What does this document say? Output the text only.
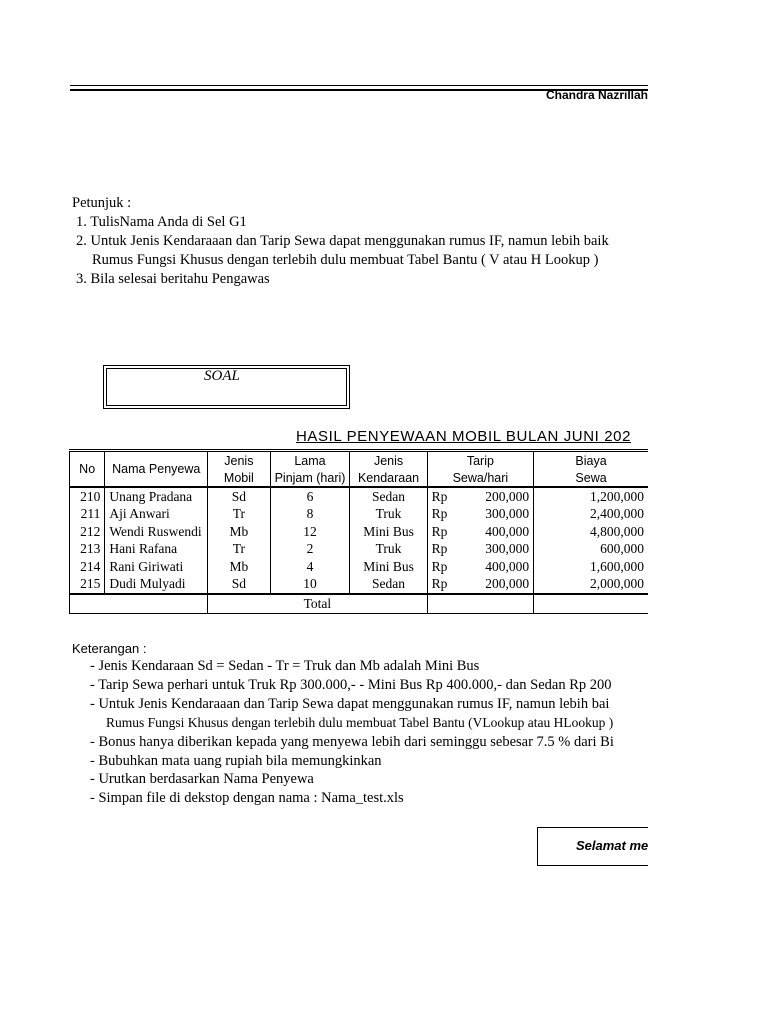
Chandra Nazrillah
Petunjuk :
1. TulisNama Anda di Sel G1
2. Untuk Jenis Kendaraaan dan Tarip Sewa dapat menggunakan rumus IF, namun lebih baik
Rumus Fungsi Khusus dengan terlebih dulu membuat Tabel Bantu ( V atau H Lookup )
3. Bila selesai beritahu Pengawas
SOAL
HASIL PENYEWAAN MOBIL BULAN JUNI 202
No	Nama Penyewa	Jenis	Lama	Jenis	Tarip	Biaya
		Mobil	Pinjam (hari)	Kendaraan	Sewa/hari	Sewa
210	Unang Pradana	Sd	6	Sedan	Rp 200,000	1,200,000
211	Aji Anwari	Tr	8	Truk	Rp 300,000	2,400,000
212	Wendi Ruswendi	Mb	12	Mini Bus	Rp 400,000	4,800,000
213	Hani Rafana	Tr	2	Truk	Rp 300,000	600,000
214	Rani Giriwati	Mb	4	Mini Bus	Rp 400,000	1,600,000
215	Dudi Mulyadi	Sd	10	Sedan	Rp 200,000	2,000,000
		Total				
Keterangan :
- Jenis Kendaraan Sd = Sedan - Tr = Truk dan Mb adalah Mini Bus
- Tarip Sewa perhari untuk Truk Rp 300.000,- - Mini Bus Rp 400.000,- dan Sedan Rp 200
- Untuk Jenis Kendaraaan dan Tarip Sewa dapat menggunakan rumus IF, namun lebih bai
Rumus Fungsi Khusus dengan terlebih dulu membuat Tabel Bantu (VLookup atau HLookup )
- Bonus hanya diberikan kepada yang menyewa lebih dari seminggu sebesar 7.5 % dari Bi
- Bubuhkan mata uang rupiah bila memungkinkan
- Urutkan berdasarkan Nama Penyewa
- Simpan file di dekstop dengan nama : Nama_test.xls
Selamat me
